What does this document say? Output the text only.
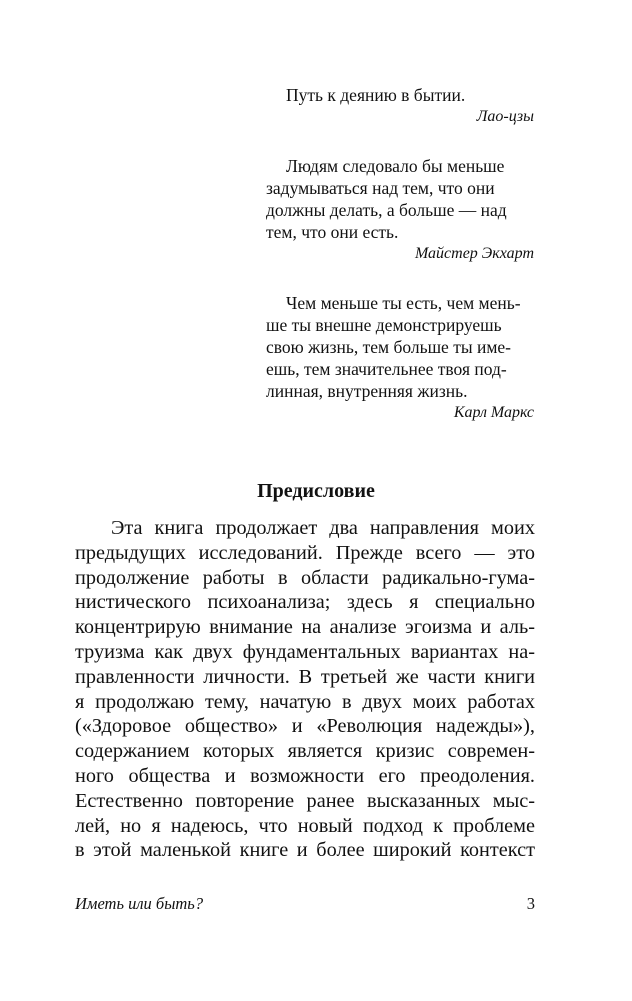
Путь к деянию в бытии.
Лао-цзы
Людям следовало бы меньше
задумываться над тем, что они
должны делать, а больше — над
тем, что они есть.
Майстер Экхарт
Чем меньше ты есть, чем мень-
ше ты внешне демонстрируешь
свою жизнь, тем больше ты име-
ешь, тем значительнее твоя под-
линная, внутренняя жизнь.
Карл Маркс
Предисловие
Эта книга продолжает два направления моих
предыдущих исследований. Прежде всего — это
продолжение работы в области радикально-гума-
нистического психоанализа; здесь я специально
концентрирую внимание на анализе эгоизма и аль-
труизма как двух фундаментальных вариантах на-
правленности личности. В третьей же части книги
я продолжаю тему, начатую в двух моих работах
(«Здоровое общество» и «Революция надежды»),
содержанием которых является кризис современ-
ного общества и возможности его преодоления.
Естественно повторение ранее высказанных мыс-
лей, но я надеюсь, что новый подход к проблеме
в этой маленькой книге и более широкий контекст
Иметь или быть?	3
